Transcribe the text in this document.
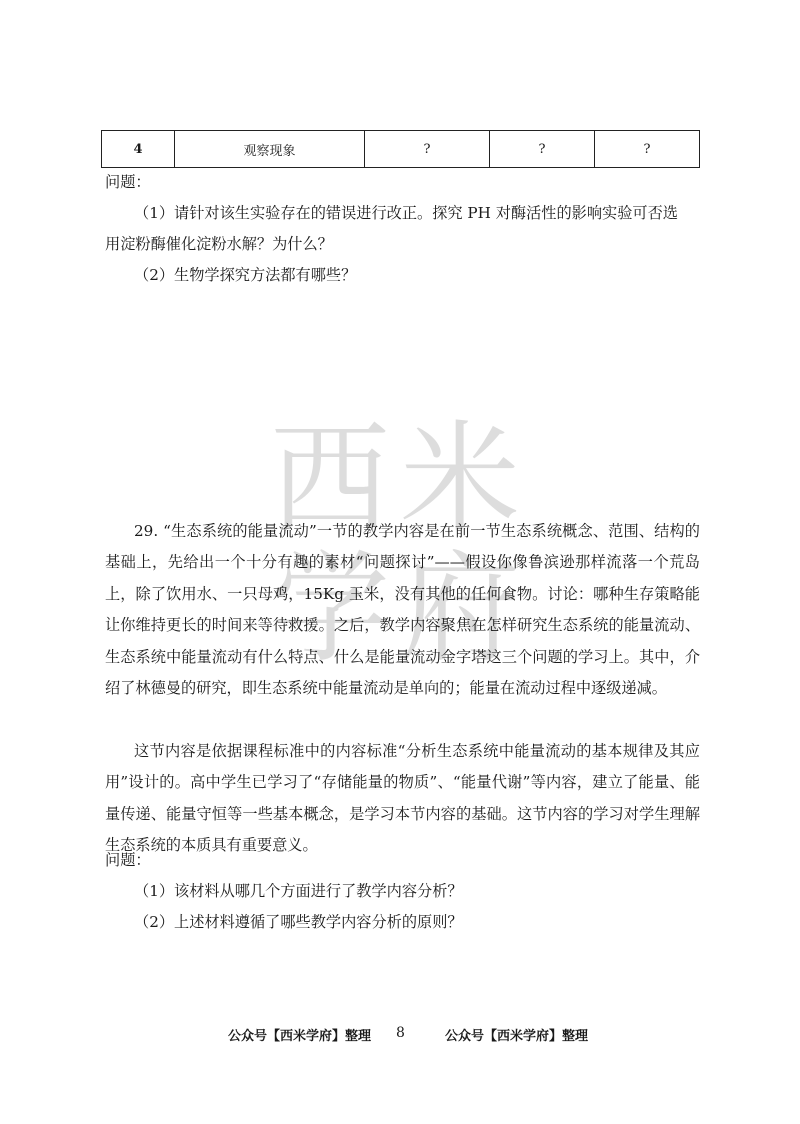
4	观察现象	?	?	?
问题：
（1）请针对该生实验存在的错误进行改正。探究 PH 对酶活性的影响实验可否选
用淀粉酶催化淀粉水解？为什么？
（2）生物学探究方法都有哪些？
西 米
学 府
29. “生态系统的能量流动”一节的教学内容是在前一节生态系统概念、范围、结构的基础上，先给出一个十分有趣的素材“问题探讨”——假设你像鲁滨逊那样流落一个荒岛上，除了饮用水、一只母鸡，15Kg 玉米，没有其他的任何食物。讨论：哪种生存策略能让你维持更长的时间来等待救援。之后，教学内容聚焦在怎样研究生态系统的能量流动、生态系统中能量流动有什么特点、什么是能量流动金字塔这三个问题的学习上。其中，介绍了林德曼的研究，即生态系统中能量流动是单向的；能量在流动过程中逐级递减。
这节内容是依据课程标准中的内容标准“分析生态系统中能量流动的基本规律及其应用”设计的。高中学生已学习了“存储能量的物质”、“能量代谢”等内容，建立了能量、能量传递、能量守恒等一些基本概念，是学习本节内容的基础。这节内容的学习对学生理解生态系统的本质具有重要意义。
问题：
（1）该材料从哪几个方面进行了教学内容分析？
（2）上述材料遵循了哪些教学内容分析的原则？
公众号【西米学府】整理 8	公众号【西米学府】整理
